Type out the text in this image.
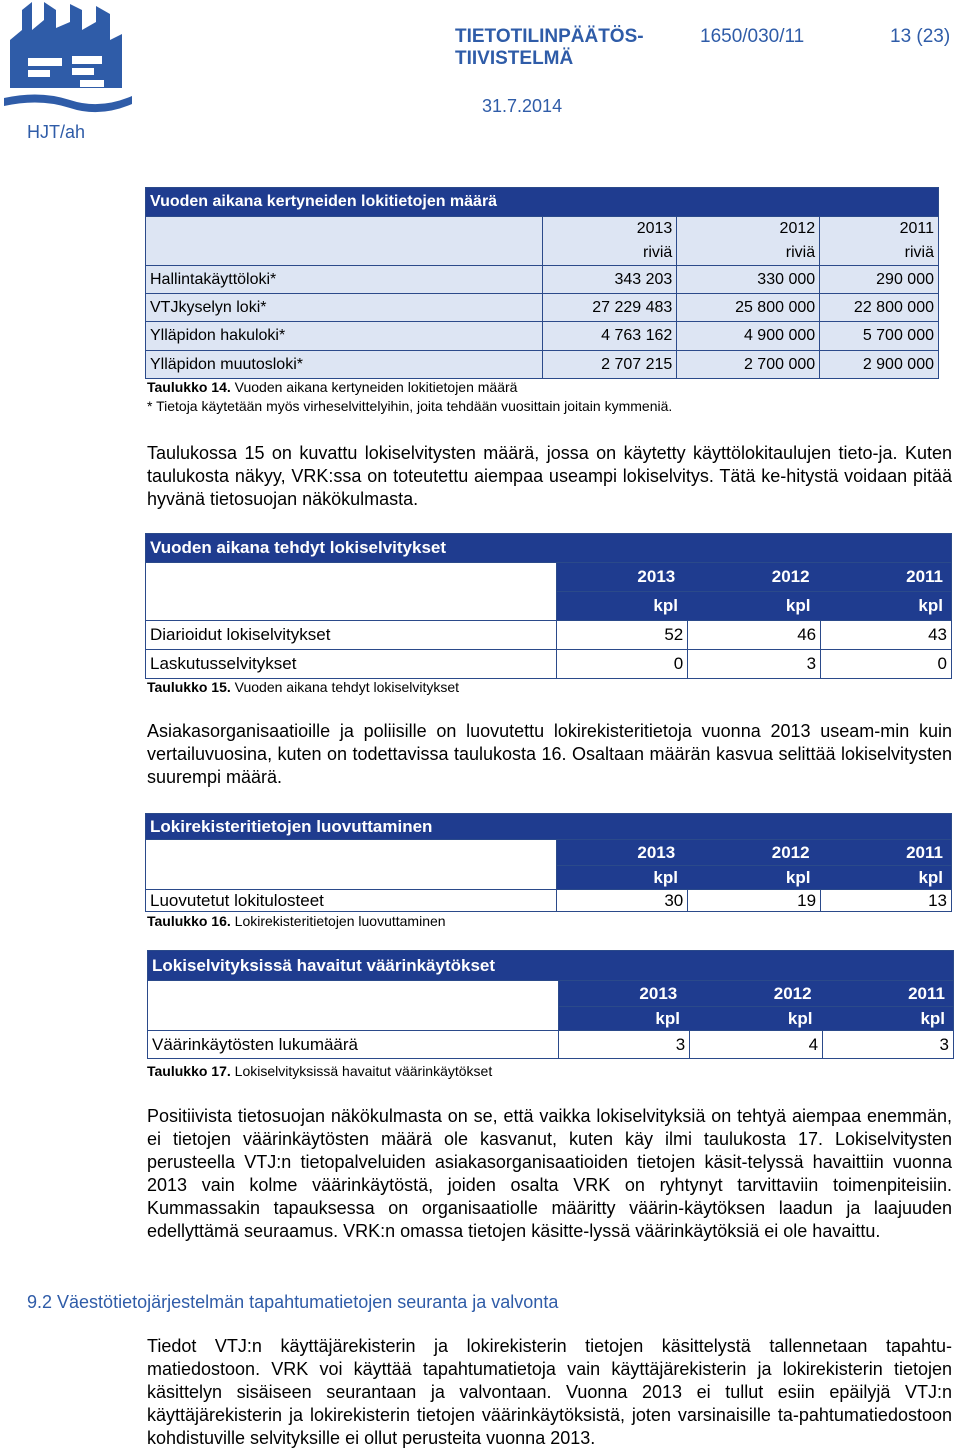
TIETOTILINPÄÄTÖS-
TIIVISTELMÄ
1650/030/11	13 (23)
31.7.2014
HJT/ah
Vuoden aikana kertyneiden lokitietojen määrä			
	2013	2012	2011
	riviä	riviä	riviä
Hallintakäyttöloki*	343 203	330 000	290 000
VTJkyselyn loki*	27 229 483	25 800 000	22 800 000
Ylläpidon hakuloki*	4 763 162	4 900 000	5 700 000
Ylläpidon muutosloki*	2 707 215	2 700 000	2 900 000
Taulukko 14. Vuoden aikana kertyneiden lokitietojen määrä
* Tietoja käytetään myös virheselvittelyihin, joita tehdään vuosittain joitain kymmeniä.
Taulukossa 15 on kuvattu lokiselvitysten määrä, jossa on käytetty käyttölokitaulujen tieto-ja. Kuten taulukosta näkyy, VRK:ssa on toteutettu aiempaa useampi lokiselvitys. Tätä ke-hitystä voidaan pitää hyvänä tietosuojan näkökulmasta.
Vuoden aikana tehdyt lokiselvitykset			

	2013 2012 2011		

	kpl kpl kpl		

Diarioidut lokiselvitykset	52	46	43
Laskutusselvitykset	0	3	0
Taulukko 15. Vuoden aikana tehdyt lokiselvitykset
Asiakasorganisaatioille ja poliisille on luovutettu lokirekisteritietoja vuonna 2013 useam-min kuin vertailuvuosina, kuten on todettavissa taulukosta 16. Osaltaan määrän kasvua selittää lokiselvitysten suurempi määrä.
Lokirekisteritietojen luovuttaminen			

	2013 2012 2011		

	kpl kpl kpl		

Luovutetut lokitulosteet	30	19	13
Taulukko 16. Lokirekisteritietojen luovuttaminen
Lokiselvityksissä havaitut väärinkäytökset			

	2013 2012 2011		

	kpl kpl kpl		

Väärinkäytösten lukumäärä	3	4	3
Taulukko 17. Lokiselvityksissä havaitut väärinkäytökset
Positiivista tietosuojan näkökulmasta on se, että vaikka lokiselvityksiä on tehtyä aiempaa enemmän, ei tietojen väärinkäytösten määrä ole kasvanut, kuten käy ilmi taulukosta 17. Lokiselvitysten perusteella VTJ:n tietopalveluiden asiakasorganisaatioiden tietojen käsit-telyssä havaittiin vuonna 2013 vain kolme väärinkäytöstä, joiden osalta VRK on ryhtynyt tarvittaviin toimenpiteisiin. Kummassakin tapauksessa on organisaatiolle määritty väärin-käytöksen laadun ja laajuuden edellyttämä seuraamus. VRK:n omassa tietojen käsitte-lyssä väärinkäytöksiä ei ole havaittu.
9.2 Väestötietojärjestelmän tapahtumatietojen seuranta ja valvonta
Tiedot VTJ:n käyttäjärekisterin ja lokirekisterin tietojen käsittelystä tallennetaan tapahtu-matiedostoon. VRK voi käyttää tapahtumatietoja vain käyttäjärekisterin ja lokirekisterin tietojen käsittelyn sisäiseen seurantaan ja valvontaan. Vuonna 2013 ei tullut esiin epäilyjä VTJ:n käyttäjärekisterin ja lokirekisterin tietojen väärinkäytöksistä, joten varsinaisille ta-pahtumatiedostoon kohdistuville selvityksille ei ollut perusteita vuonna 2013.
